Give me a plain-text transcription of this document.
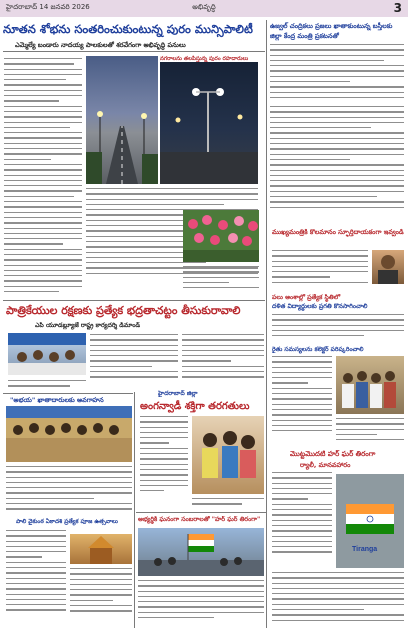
హైదరాబాద్ 14 జనవరి 2026	అభివృద్ధి	3
నూతన శోభను సంతరించుకుంటున్న పురం మున్సిపాలిటీ
ఎమ్మెల్యే బండారు నాదయ్య పాలకులతో శరవేగంగా అభివృద్ధి పనులు
నగరాలను తలపిస్తున్న పురం రహదారులు
ఉజ్వల్ చంద్రికలు ప్రజలు ఖాతాకుంటున్న బస్తీలకు
జిల్లా కేంద్ర మంత్రి ప్రకటనతో
ముఖ్యమంత్రికి కొలమానం స్ఫూర్తిదాయకంగా ఇవ్వండి
పలు అంశాల్లో ప్రత్యేక స్థితిలో
దళిత విద్యార్థులకు ప్రగతి కొనసాగించాలి
రైతు సమస్యలను కలెక్టర్ పరిష్కరించాలి
మొట్టమొదటి హర్ ఘర్ తిరంగా
ర్యాలీ, మానవహారం
Tiranga
పాత్రికేయుల రక్షణకు ప్రత్యేక భద్రతాచట్టం తీసుకురావాలి
ఎపి యూడబ్ల్యూజే రాష్ట్ర కార్యదర్శి డిమాండ్
"అభయ" ఖాతాదారులకు అవగాహన
పాలి వైకుంఠ ఏకాదశి ప్రత్యేక పూజ ఉత్సవాలు
హైదరాబాద్ జిల్లా
అంగన్వాడీ శక్తిగా తరగతులు
అభ్యర్థికి ఘనంగా సంబరాలతో "హర్ ఘర్ తిరంగా"
